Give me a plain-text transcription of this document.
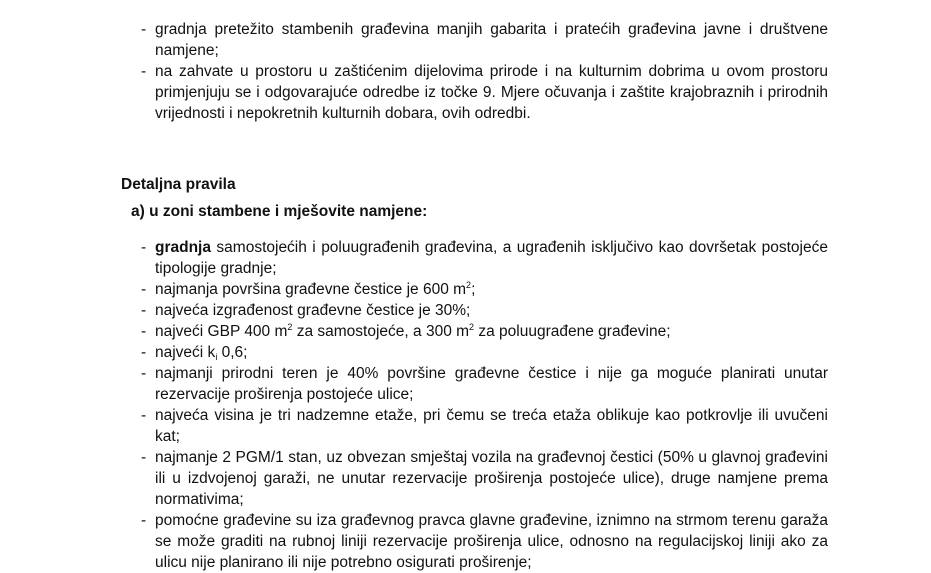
- gradnja pretežito stambenih građevina manjih gabarita i pratećih građevina javne i društvene namjene;
- na zahvate u prostoru u zaštićenim dijelovima prirode i na kulturnim dobrima u ovom prostoru primjenjuju se i odgovarajuće odredbe iz točke 9. Mjere očuvanja i zaštite krajobraznih i prirodnih vrijednosti i nepokretnih kulturnih dobara, ovih odredbi.
Detaljna pravila
a) u zoni stambene i mješovite namjene:
- gradnja samostojećih i poluugrađenih građevina, a ugrađenih isključivo kao dovršetak postojeće tipologije gradnje;
- najmanja površina građevne čestice je 600 $m^2$;
- najveća izgrađenost građevne čestice je 30%;
- najveći GBP 400 $m^2$ za samostojeće, a 300 $m^2$ za poluugrađene građevine;
- najveći $k_i$ 0,6;
- najmanji prirodni teren je 40% površine građevne čestice i nije ga moguće planirati unutar rezervacije proširenja postojeće ulice;
- najveća visina je tri nadzemne etaže, pri čemu se treća etaža oblikuje kao potkrovlje ili uvučeni kat;
- najmanje 2 PGM/1 stan, uz obvezan smještaj vozila na građevnoj čestici (50% u glavnoj građevini ili u izdvojenoj garaži, ne unutar rezervacije proširenja postojeće ulice), druge namjene prema normativima;
- pomoćne građevine su iza građevnog pravca glavne građevine, iznimno na strmom terenu garaža se može graditi na rubnoj liniji rezervacije proširenja ulice, odnosno na regulacijskoj liniji ako za ulicu nije planirano ili nije potrebno osigurati proširenje;
